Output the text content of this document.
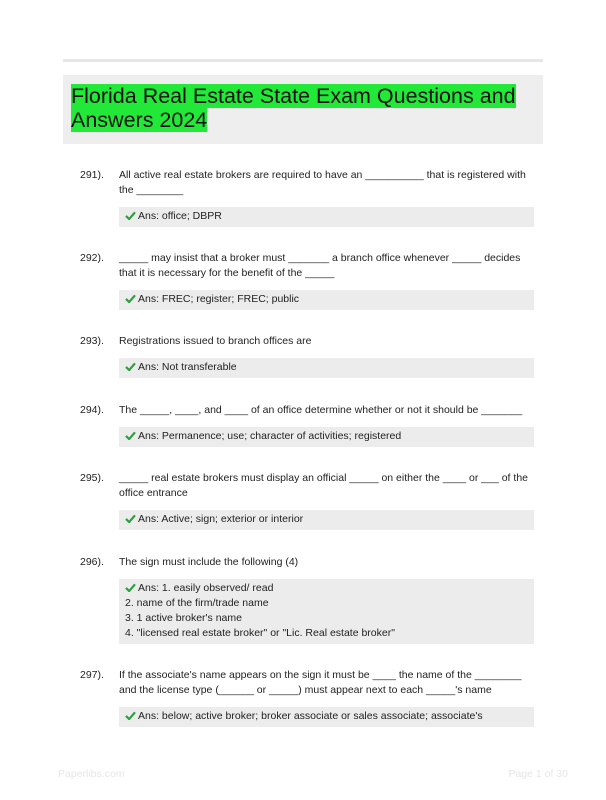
Florida Real Estate State Exam Questions and Answers 2024
291).	All active real estate brokers are required to have an __________ that is registered with the ________
Ans: office; DBPR
292).	_____ may insist that a broker must _______ a branch office whenever _____ decides that it is necessary for the benefit of the _____
Ans: FREC; register; FREC; public
293).	Registrations issued to branch offices are
Ans: Not transferable
294).	The _____, ____, and ____ of an office determine whether or not it should be _______
Ans: Permanence; use; character of activities; registered
295).	_____ real estate brokers must display an official _____ on either the ____ or ___ of the office entrance
Ans: Active; sign; exterior or interior
296).	The sign must include the following (4)
Ans: 1. easily observed/ read
2. name of the firm/trade name
3. 1 active broker's name
4. "licensed real estate broker" or "Lic. Real estate broker"
297).	If the associate's name appears on the sign it must be ____ the name of the ________ and the license type (______ or _____) must appear next to each _____'s name
Ans: below; active broker; broker associate or sales associate; associate's
Paperlibs.com	Page 1 of 30
